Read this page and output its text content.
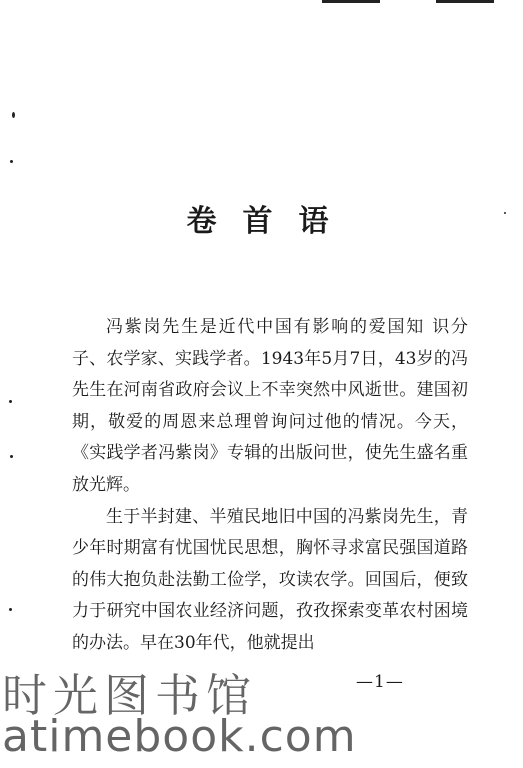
卷首语

冯紫岗先生是近代中国有影响的爱国知 识分子、农学家、实践学者。1943年5月7日，43岁的冯先生在河南省政府会议上不幸突然中风逝世。建国初期，敬爱的周恩来总理曾询问过他的情况。今天，《实践学者冯紫岗》专辑的出版问世，使先生盛名重放光辉。

生于半封建、半殖民地旧中国的冯紫岗先生，青少年时期富有忧国忧民思想，胸怀寻求富民强国道路的伟大抱负赴法勤工俭学，攻读农学。回国后，便致力于研究中国农业经济问题，孜孜探索变革农村困境的办法。早在30年代，他就提出

—1—
时光图书馆
atimebook.com
